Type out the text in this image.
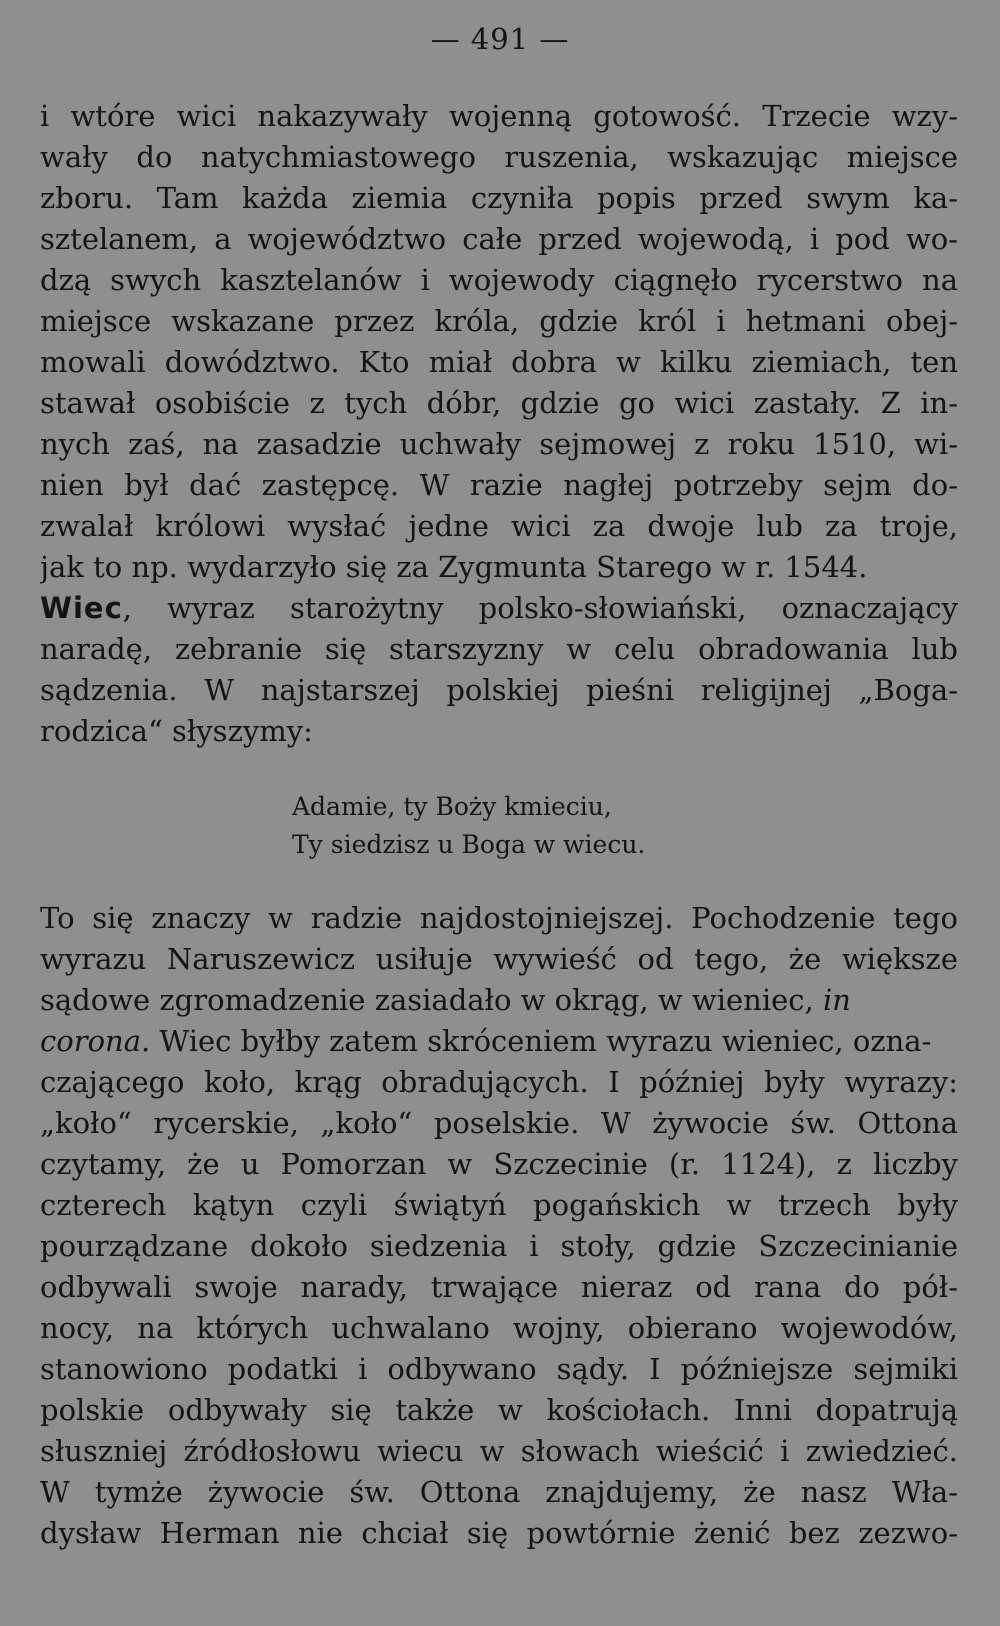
— 491 —
i wtóre wici nakazywały wojenną gotowość. Trzecie wzy-
wały do natychmiastowego ruszenia, wskazując miejsce
zboru. Tam każda ziemia czyniła popis przed swym ka-
sztelanem, a województwo całe przed wojewodą, i pod wo-
dzą swych kasztelanów i wojewody ciągnęło rycerstwo na
miejsce wskazane przez króla, gdzie król i hetmani obej-
mowali dowództwo. Kto miał dobra w kilku ziemiach, ten
stawał osobiście z tych dóbr, gdzie go wici zastały. Z in-
nych zaś, na zasadzie uchwały sejmowej z roku 1510, wi-
nien był dać zastępcę. W razie nagłej potrzeby sejm do-
zwalał królowi wysłać jedne wici za dwoje lub za troje,
jak to np. wydarzyło się za Zygmunta Starego w r. 1544.
Wiec, wyraz starożytny polsko-słowiański, oznaczający
naradę, zebranie się starszyzny w celu obradowania lub
sądzenia. W najstarszej polskiej pieśni religijnej „Boga-
rodzica“ słyszymy:
Adamie, ty Boży kmieciu,
Ty siedzisz u Boga w wiecu.
To się znaczy w radzie najdostojniejszej. Pochodzenie tego
wyrazu Naruszewicz usiłuje wywieść od tego, że większe
sądowe zgromadzenie zasiadało w okrąg, w wieniec, in
corona. Wiec byłby zatem skróceniem wyrazu wieniec, ozna-
czającego koło, krąg obradujących. I później były wyrazy:
„koło“ rycerskie, „koło“ poselskie. W żywocie św. Ottona
czytamy, że u Pomorzan w Szczecinie (r. 1124), z liczby
czterech kątyn czyli świątyń pogańskich w trzech były
pourządzane dokoło siedzenia i stoły, gdzie Szczecinianie
odbywali swoje narady, trwające nieraz od rana do pół-
nocy, na których uchwalano wojny, obierano wojewodów,
stanowiono podatki i odbywano sądy. I późniejsze sejmiki
polskie odbywały się także w kościołach. Inni dopatrują
słuszniej źródłosłowu wiecu w słowach wieścić i zwiedzieć.
W tymże żywocie św. Ottona znajdujemy, że nasz Wła-
dysław Herman nie chciał się powtórnie żenić bez zezwo-
